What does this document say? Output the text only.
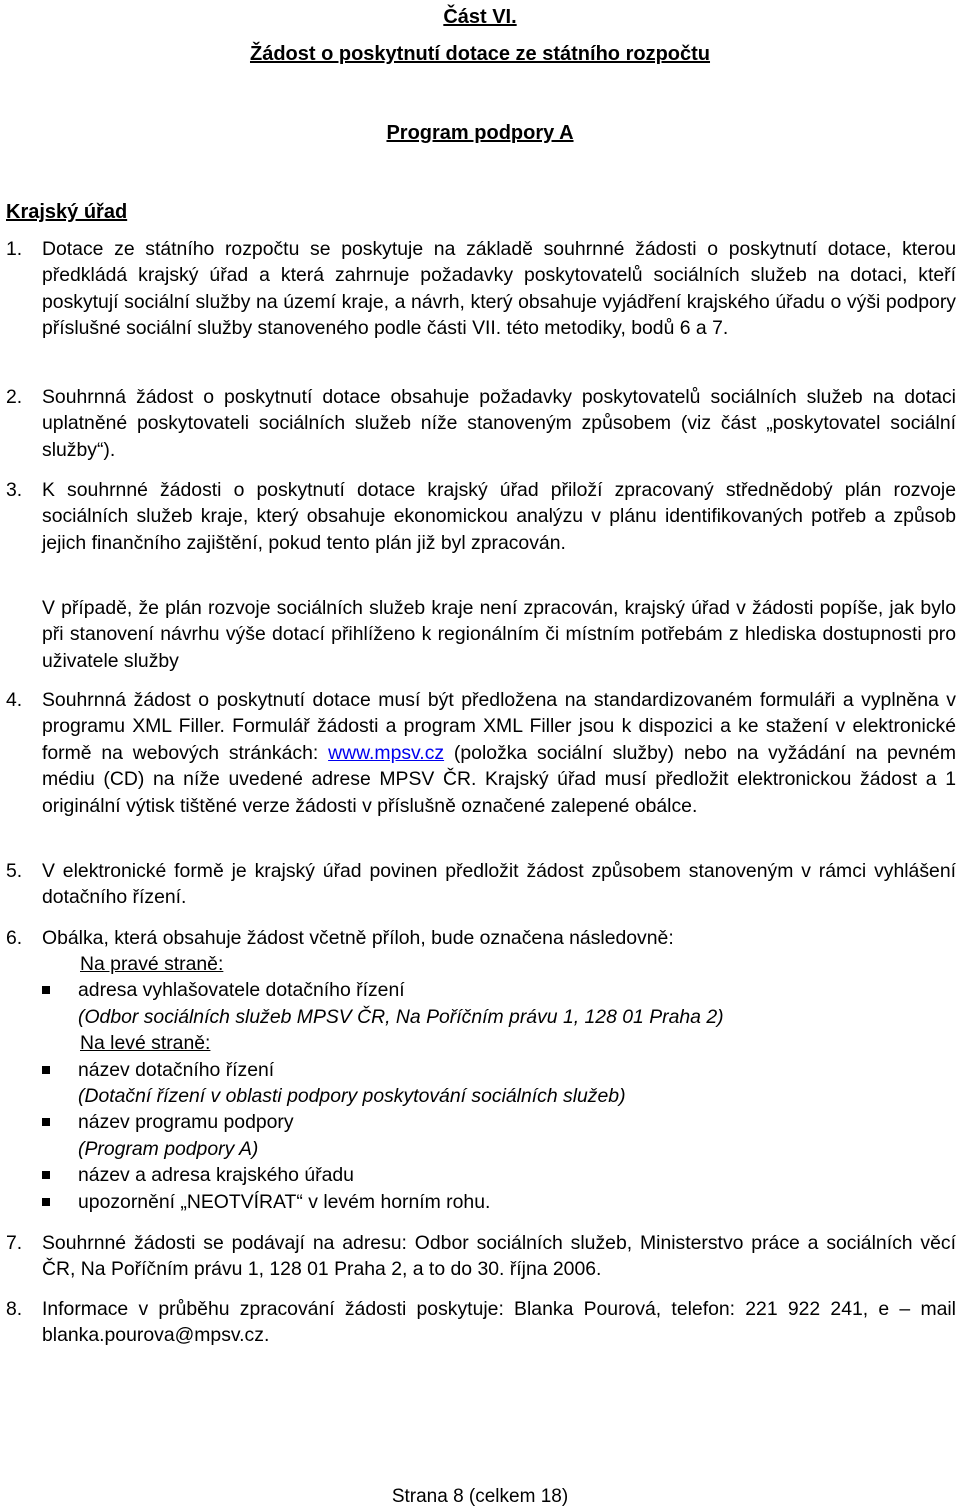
Část VI.
Žádost o poskytnutí dotace ze státního rozpočtu
Program podpory A
Krajský úřad
1. Dotace ze státního rozpočtu se poskytuje na základě souhrnné žádosti o poskytnutí dotace, kterou předkládá krajský úřad a která zahrnuje požadavky poskytovatelů sociálních služeb na dotaci, kteří poskytují sociální služby na území kraje, a návrh, který obsahuje vyjádření krajského úřadu o výši podpory příslušné sociální služby stanoveného podle části VII. této metodiky, bodů 6 a 7.
2. Souhrnná žádost o poskytnutí dotace obsahuje požadavky poskytovatelů sociálních služeb na dotaci uplatněné poskytovateli sociálních služeb níže stanoveným způsobem (viz část „poskytovatel sociální služby“).
3. K souhrnné žádosti o poskytnutí dotace krajský úřad přiloží zpracovaný střednědobý plán rozvoje sociálních služeb kraje, který obsahuje ekonomickou analýzu v plánu identifikovaných potřeb a způsob jejich finančního zajištění, pokud tento plán již byl zpracován.
V případě, že plán rozvoje sociálních služeb kraje není zpracován, krajský úřad v žádosti popíše, jak bylo při stanovení návrhu výše dotací přihlíženo k regionálním či místním potřebám z hlediska dostupnosti pro uživatele služby
4. Souhrnná žádost o poskytnutí dotace musí být předložena na standardizovaném formuláři a vyplněna v programu XML Filler. Formulář žádosti a program XML Filler jsou k dispozici a ke stažení v elektronické formě na webových stránkách: www.mpsv.cz (položka sociální služby) nebo na vyžádání na pevném médiu (CD) na níže uvedené adrese MPSV ČR. Krajský úřad musí předložit elektronickou žádost a 1 originální výtisk tištěné verze žádosti v příslušně označené zalepené obálce.
5. V elektronické formě je krajský úřad povinen předložit žádost způsobem stanoveným v rámci vyhlášení dotačního řízení.
6. Obálka, která obsahuje žádost včetně příloh, bude označena následovně:
Na pravé straně:
adresa vyhlašovatele dotačního řízení
(Odbor sociálních služeb MPSV ČR, Na Poříčním právu 1, 128 01 Praha 2)
Na levé straně:
název dotačního řízení
(Dotační řízení v oblasti podpory poskytování sociálních služeb)
název programu podpory
(Program podpory A)
název a adresa krajského úřadu
upozornění „NEOTVÍRAT“ v levém horním rohu.
7. Souhrnné žádosti se podávají na adresu: Odbor sociálních služeb, Ministerstvo práce a sociálních věcí ČR, Na Poříčním právu 1, 128 01 Praha 2, a to do 30. října 2006.
8. Informace v průběhu zpracování žádosti poskytuje: Blanka Pourová, telefon: 221 922 241, e – mail blanka.pourova@mpsv.cz.
Strana 8 (celkem 18)
